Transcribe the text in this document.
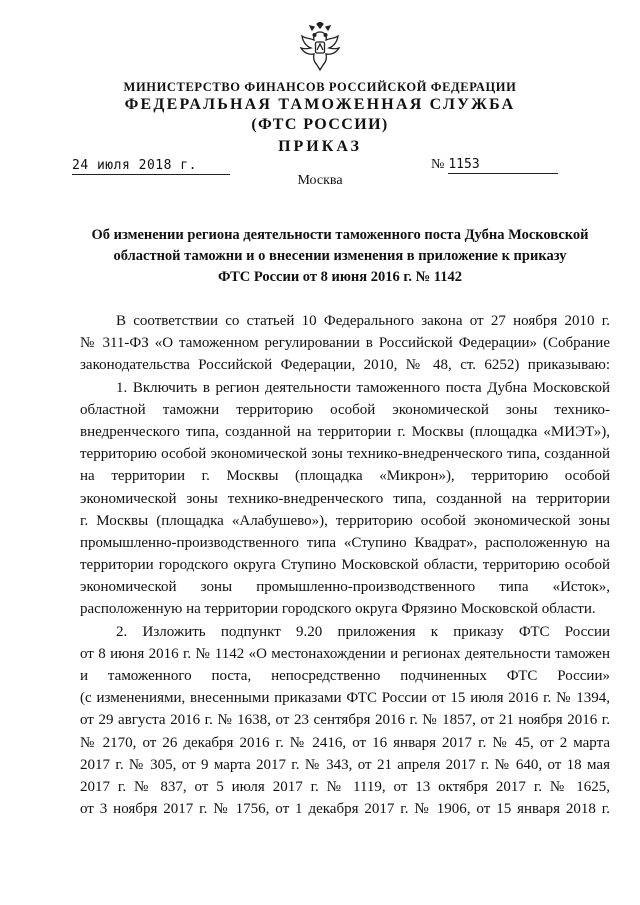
МИНИСТЕРСТВО ФИНАНСОВ РОССИЙСКОЙ ФЕДЕРАЦИИ
ФЕДЕРАЛЬНАЯ ТАМОЖЕННАЯ СЛУЖБА
(ФТС РОССИИ)
ПРИКАЗ
24 июля 2018 г.	№ 1153
Москва
Об изменении региона деятельности таможенного поста Дубна Московской
областной таможни и о внесении изменения в приложение к приказу
ФТС России от 8 июня 2016 г. № 1142
В соответствии со статьей 10 Федерального закона от 27 ноября 2010 г.
№ 311-ФЗ «О таможенном регулировании в Российской Федерации» (Собрание
законодательства Российской Федерации, 2010, № 48, ст. 6252) приказываю:
1. Включить в регион деятельности таможенного поста Дубна Московской
областной таможни территорию особой экономической зоны технико-
внедренческого типа, созданной на территории г. Москвы (площадка «МИЭТ»),
территорию особой экономической зоны технико-внедренческого типа, созданной
на территории г. Москвы (площадка «Микрон»), территорию особой
экономической зоны технико-внедренческого типа, созданной на территории
г. Москвы (площадка «Алабушево»), территорию особой экономической зоны
промышленно-производственного типа «Ступино Квадрат», расположенную на
территории городского округа Ступино Московской области, территорию особой
экономической зоны промышленно-производственного типа «Исток»,
расположенную на территории городского округа Фрязино Московской области.
2. Изложить подпункт 9.20 приложения к приказу ФТС России
от 8 июня 2016 г. № 1142 «О местонахождении и регионах деятельности таможен
и таможенного поста, непосредственно подчиненных ФТС России»
(с изменениями, внесенными приказами ФТС России от 15 июля 2016 г. № 1394,
от 29 августа 2016 г. № 1638, от 23 сентября 2016 г. № 1857, от 21 ноября 2016 г.
№ 2170, от 26 декабря 2016 г. № 2416, от 16 января 2017 г. № 45, от 2 марта
2017 г. № 305, от 9 марта 2017 г. № 343, от 21 апреля 2017 г. № 640, от 18 мая
2017 г. № 837, от 5 июля 2017 г. № 1119, от 13 октября 2017 г. № 1625,
от 3 ноября 2017 г. № 1756, от 1 декабря 2017 г. № 1906, от 15 января 2018 г.
